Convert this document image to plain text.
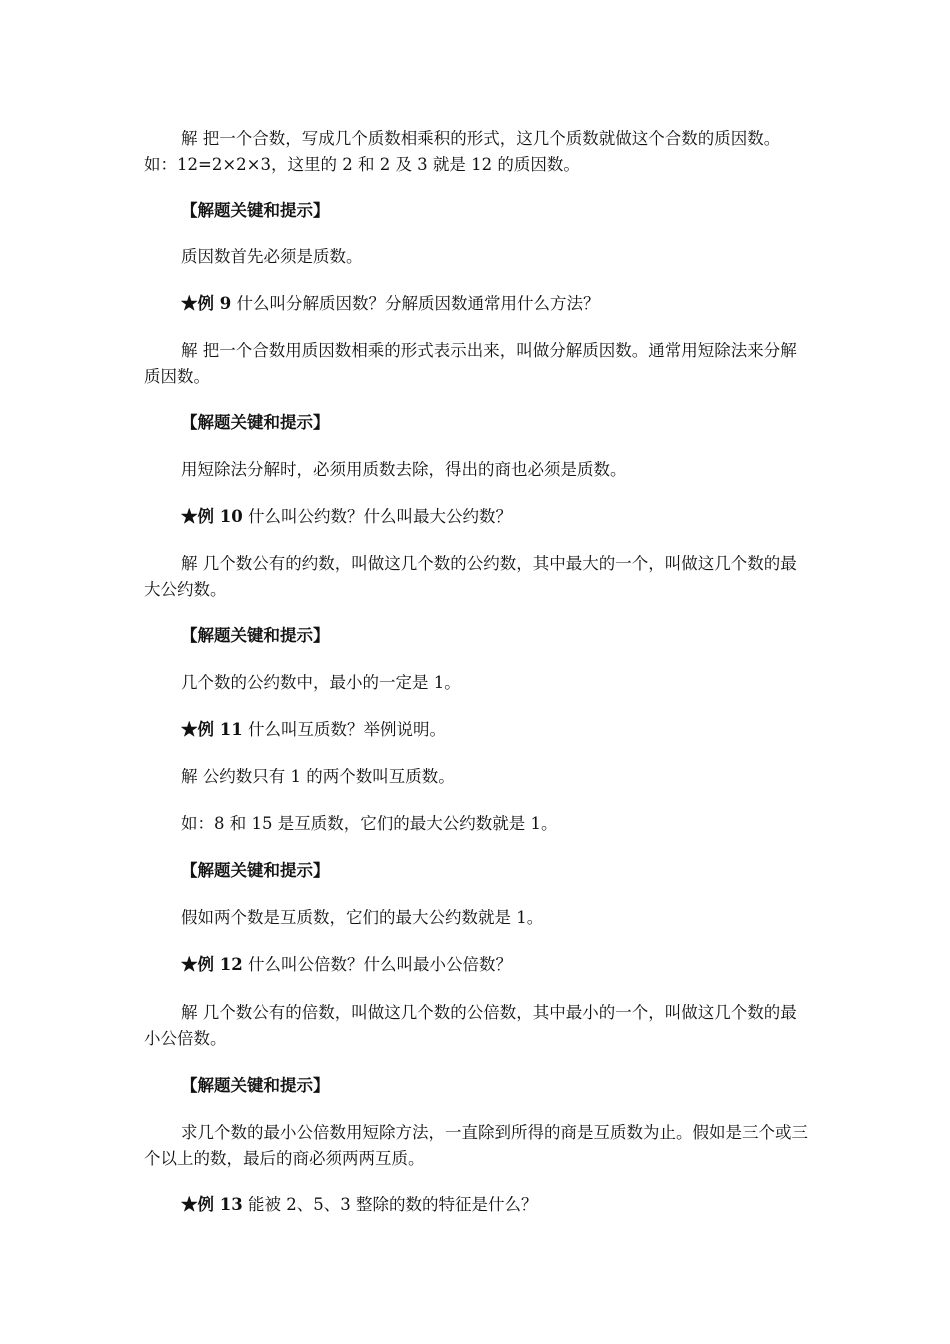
解 把一个合数，写成几个质数相乘积的形式，这几个质数就做这个合数的质因数。如：12=2×2×3，这里的 2 和 2 及 3 就是 12 的质因数。

【解题关键和提示】

质因数首先必须是质数。

★例 9 什么叫分解质因数？分解质因数通常用什么方法？

解 把一个合数用质因数相乘的形式表示出来，叫做分解质因数。通常用短除法来分解质因数。

【解题关键和提示】

用短除法分解时，必须用质数去除，得出的商也必须是质数。

★例 10 什么叫公约数？什么叫最大公约数？

解 几个数公有的约数，叫做这几个数的公约数，其中最大的一个，叫做这几个数的最大公约数。

【解题关键和提示】

几个数的公约数中，最小的一定是 1。

★例 11 什么叫互质数？举例说明。

解 公约数只有 1 的两个数叫互质数。

如：8 和 15 是互质数，它们的最大公约数就是 1。

【解题关键和提示】

假如两个数是互质数，它们的最大公约数就是 1。

★例 12 什么叫公倍数？什么叫最小公倍数？

解 几个数公有的倍数，叫做这几个数的公倍数，其中最小的一个，叫做这几个数的最小公倍数。

【解题关键和提示】

求几个数的最小公倍数用短除方法，一直除到所得的商是互质数为止。假如是三个或三个以上的数，最后的商必须两两互质。

★例 13 能被 2、5、3 整除的数的特征是什么？
